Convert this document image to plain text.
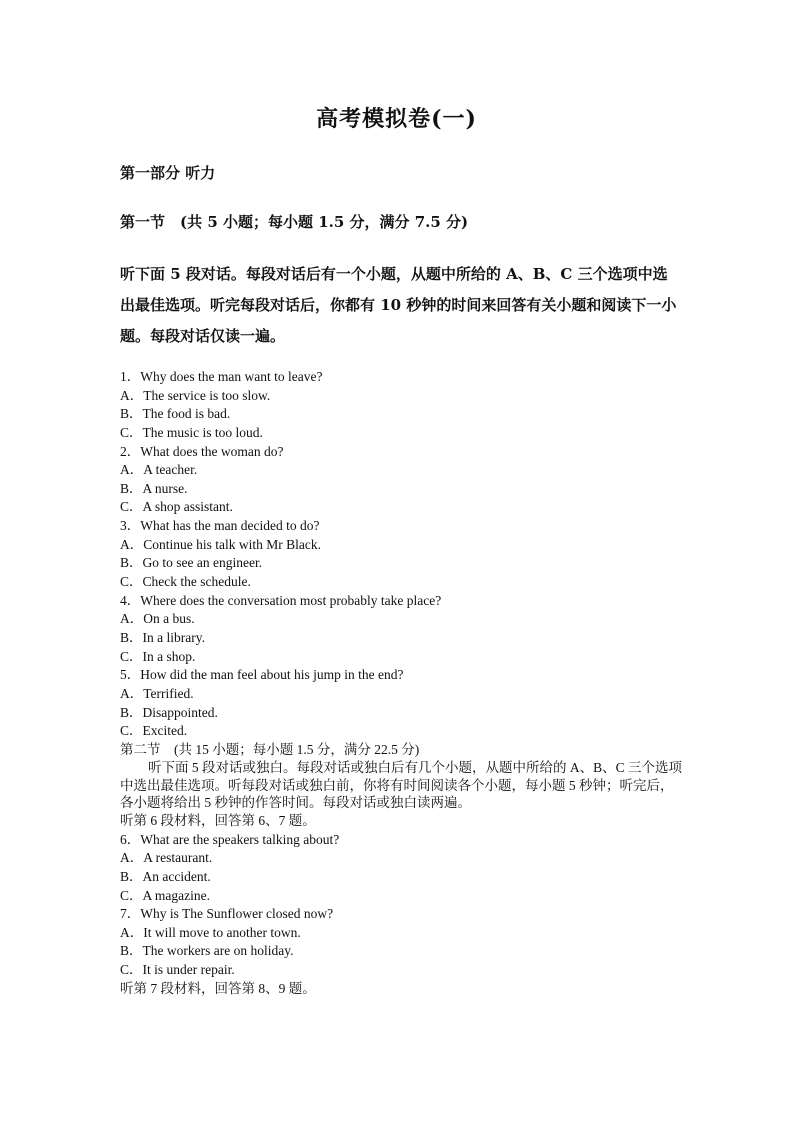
高考模拟卷(一)
第一部分 听力
第一节　(共 5 小题；每小题 1.5 分，满分 7.5 分)
听下面 5 段对话。每段对话后有一个小题，从题中所给的 A、B、C 三个选项中选出最佳选项。听完每段对话后，你都有 10 秒钟的时间来回答有关小题和阅读下一小题。每段对话仅读一遍。
1．Why does the man want to leave?
A．The service is too slow.
B．The food is bad.
C．The music is too loud.
2．What does the woman do?
A．A teacher.
B．A nurse.
C．A shop assistant.
3．What has the man decided to do?
A．Continue his talk with Mr Black.
B．Go to see an engineer.
C．Check the schedule.
4．Where does the conversation most probably take place?
A．On a bus.
B．In a library.
C．In a shop.
5．How did the man feel about his jump in the end?
A．Terrified.
B．Disappointed.
C．Excited.
第二节　(共 15 小题；每小题 1.5 分，满分 22.5 分)
听下面 5 段对话或独白。每段对话或独白后有几个小题，从题中所给的 A、B、C 三个选项中选出最佳选项。听每段对话或独白前，你将有时间阅读各个小题，每小题 5 秒钟；听完后，各小题将给出 5 秒钟的作答时间。每段对话或独白读两遍。
听第 6 段材料，回答第 6、7 题。
6．What are the speakers talking about?
A．A restaurant.
B．An accident.
C．A magazine.
7．Why is The Sunflower closed now?
A．It will move to another town.
B．The workers are on holiday.
C．It is under repair.
听第 7 段材料，回答第 8、9 题。
